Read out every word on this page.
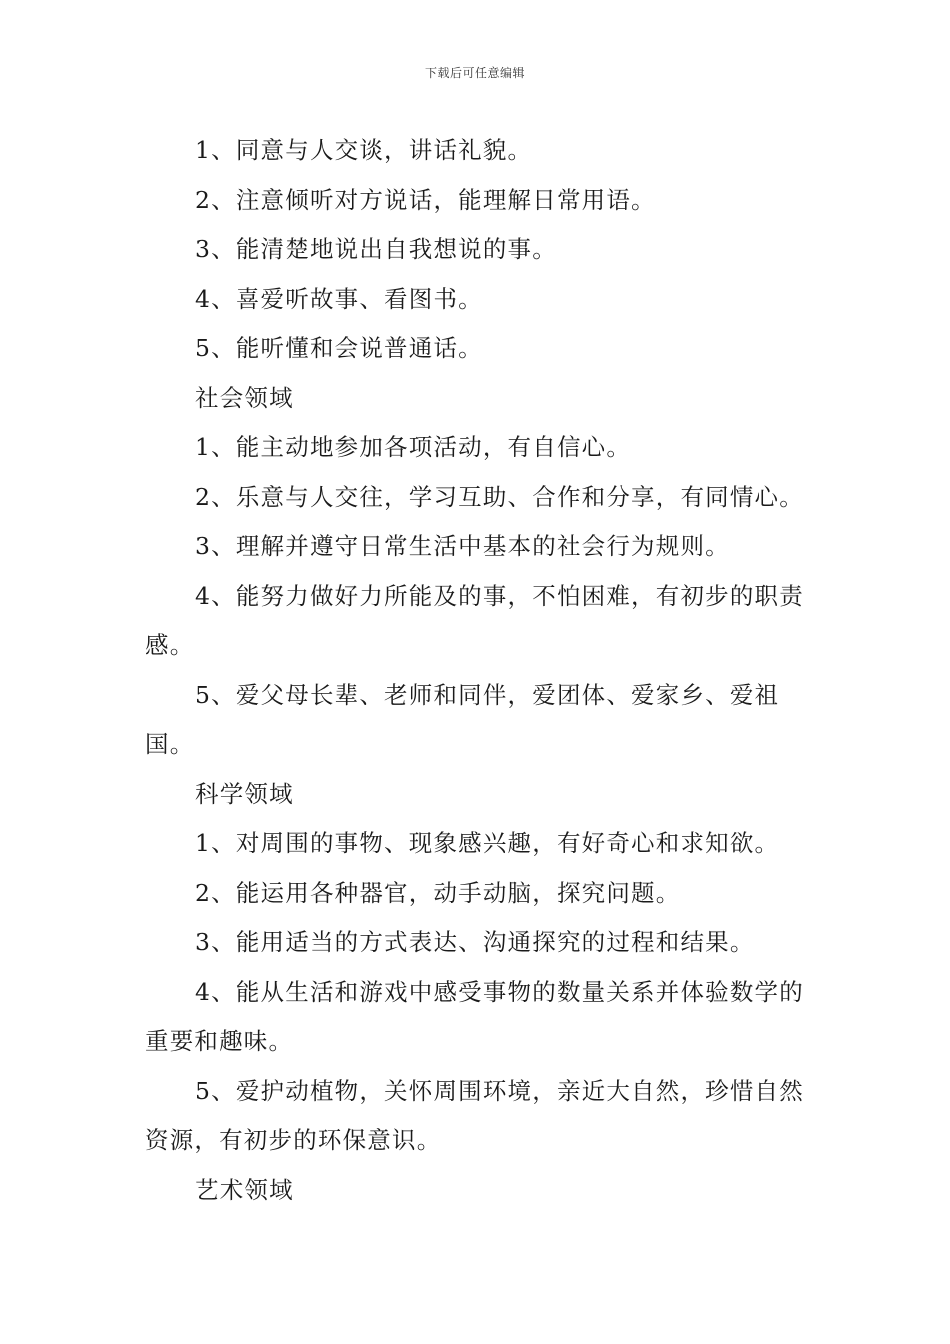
下载后可任意编辑

1、同意与人交谈，讲话礼貌。

2、注意倾听对方说话，能理解日常用语。

3、能清楚地说出自我想说的事。

4、喜爱听故事、看图书。

5、能听懂和会说普通话。

社会领域

1、能主动地参加各项活动，有自信心。

2、乐意与人交往，学习互助、合作和分享，有同情心。

3、理解并遵守日常生活中基本的社会行为规则。

4、能努力做好力所能及的事，不怕困难，有初步的职责感。

5、爱父母长辈、老师和同伴，爱团体、爱家乡、爱祖国。

科学领域

1、对周围的事物、现象感兴趣，有好奇心和求知欲。

2、能运用各种器官，动手动脑，探究问题。

3、能用适当的方式表达、沟通探究的过程和结果。

4、能从生活和游戏中感受事物的数量关系并体验数学的重要和趣味。

5、爱护动植物，关怀周围环境，亲近大自然，珍惜自然资源，有初步的环保意识。

艺术领域
